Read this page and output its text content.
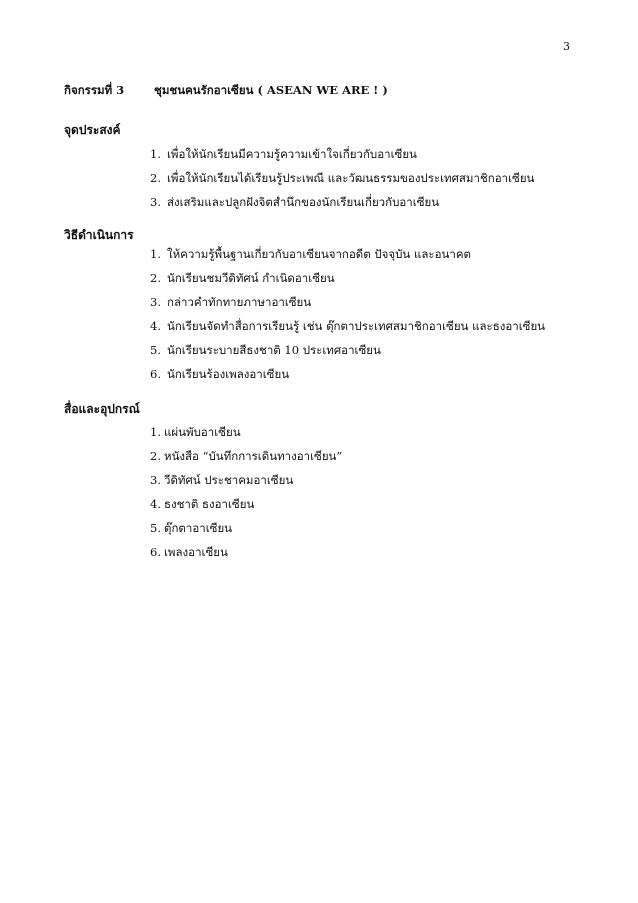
3
กิจกรรมที่ 3	ชุมชนคนรักอาเซียน ( ASEAN WE ARE ! )
จุดประสงค์
1. เพื่อให้นักเรียนมีความรู้ความเข้าใจเกี่ยวกับอาเซียน
2. เพื่อให้นักเรียนได้เรียนรู้ประเพณี และวัฒนธรรมของประเทศสมาชิกอาเซียน
3. ส่งเสริมและปลูกฝังจิตสำนึกของนักเรียนเกี่ยวกับอาเซียน
วิธีดำเนินการ
1. ให้ความรู้พื้นฐานเกี่ยวกับอาเซียนจากอดีต ปัจจุบัน และอนาคต
2. นักเรียนชมวีดิทัศน์ กำเนิดอาเซียน
3. กล่าวคำทักทายภาษาอาเซียน
4. นักเรียนจัดทำสื่อการเรียนรู้ เช่น ตุ๊กตาประเทศสมาชิกอาเซียน และธงอาเซียน
5. นักเรียนระบายสีธงชาติ 10 ประเทศอาเซียน
6. นักเรียนร้องเพลงอาเซียน
สื่อและอุปกรณ์
1. แผ่นพับอาเซียน
2. หนังสือ “บันทึกการเดินทางอาเซียน”
3. วีดิทัศน์ ประชาคมอาเซียน
4. ธงชาติ ธงอาเซียน
5. ตุ๊กตาอาเซียน
6. เพลงอาเซียน
